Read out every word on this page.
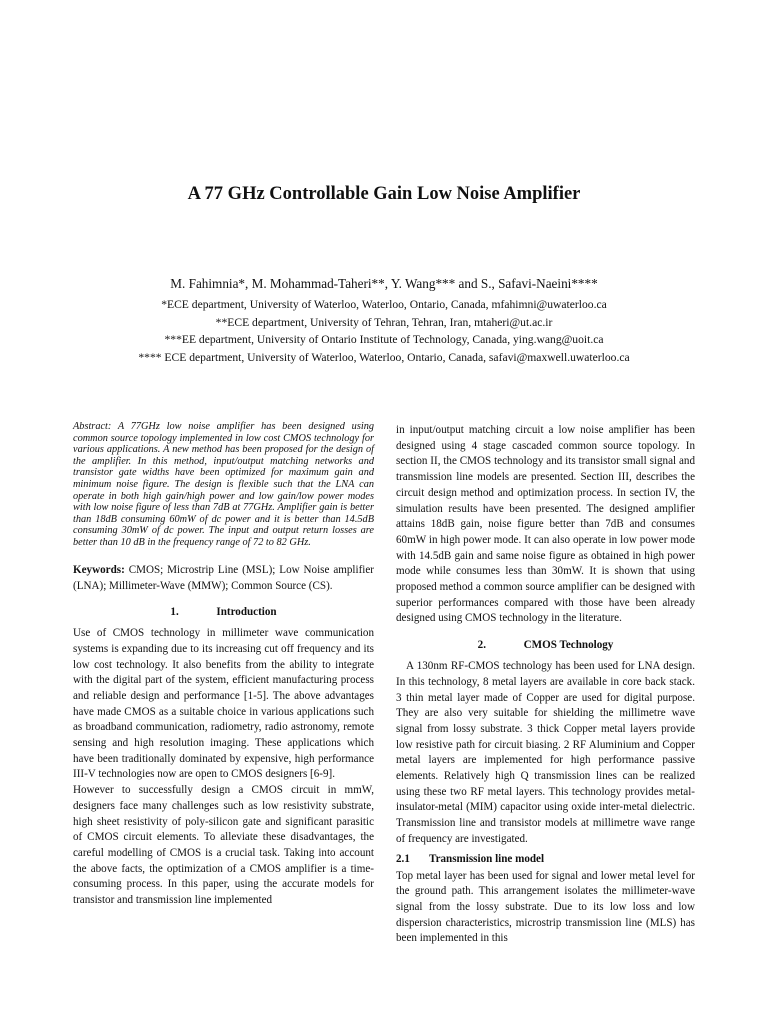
A 77 GHz Controllable Gain Low Noise Amplifier
M. Fahimnia*, M. Mohammad-Taheri**, Y. Wang*** and S., Safavi-Naeini****
*ECE department, University of Waterloo, Waterloo, Ontario, Canada, mfahimni@uwaterloo.ca
**ECE department, University of Tehran, Tehran, Iran, mtaheri@ut.ac.ir
***EE department, University of Ontario Institute of Technology, Canada, ying.wang@uoit.ca
**** ECE department, University of Waterloo, Waterloo, Ontario, Canada, safavi@maxwell.uwaterloo.ca

Abstract: A 77GHz low noise amplifier has been designed using common source topology implemented in low cost CMOS technology for various applications. A new method has been proposed for the design of the amplifier. In this method, input/output matching networks and transistor gate widths have been optimized for maximum gain and minimum noise figure. The design is flexible such that the LNA can operate in both high gain/high power and low gain/low power modes with low noise figure of less than 7dB at 77GHz. Amplifier gain is better than 18dB consuming 60mW of dc power and it is better than 14.5dB consuming 30mW of dc power. The input and output return losses are better than 10 dB in the frequency range of 72 to 82 GHz.

Keywords: CMOS; Microstrip Line (MSL); Low Noise amplifier (LNA); Millimeter-Wave (MMW); Common Source (CS).

1.	Introduction

Use of CMOS technology in millimeter wave communication systems is expanding due to its increasing cut off frequency and its low cost technology. It also benefits from the ability to integrate with the digital part of the system, efficient manufacturing process and reliable design and performance [1-5]. The above advantages have made CMOS as a suitable choice in various applications such as broadband communication, radiometry, radio astronomy, remote sensing and high resolution imaging. These applications which have been traditionally dominated by expensive, high performance III-V technologies now are open to CMOS designers [6-9].

However to successfully design a CMOS circuit in mmW, designers face many challenges such as low resistivity substrate, high sheet resistivity of poly-silicon gate and significant parasitic of CMOS circuit elements. To alleviate these disadvantages, the careful modelling of CMOS is a crucial task. Taking into account the above facts, the optimization of a CMOS amplifier is a time-consuming process. In this paper, using the accurate models for transistor and transmission line implemented

in input/output matching circuit a low noise amplifier has been designed using 4 stage cascaded common source topology. In section II, the CMOS technology and its transistor small signal and transmission line models are presented. Section III, describes the circuit design method and optimization process. In section IV, the simulation results have been presented. The designed amplifier attains 18dB gain, noise figure better than 7dB and consumes 60mW in high power mode. It can also operate in low power mode with 14.5dB gain and same noise figure as obtained in high power mode while consumes less than 30mW. It is shown that using proposed method a common source amplifier can be designed with superior performances compared with those have been already designed using CMOS technology in the literature.

2.	CMOS Technology

A 130nm RF-CMOS technology has been used for LNA design. In this technology, 8 metal layers are available in core back stack. 3 thin metal layer made of Copper are used for digital purpose. They are also very suitable for shielding the millimetre wave signal from lossy substrate. 3 thick Copper metal layers provide low resistive path for circuit biasing. 2 RF Aluminium and Copper metal layers are implemented for high performance passive elements. Relatively high Q transmission lines can be realized using these two RF metal layers. This technology provides metal-insulator-metal (MIM) capacitor using oxide inter-metal dielectric. Transmission line and transistor models at millimetre wave range of frequency are investigated.

2.1 Transmission line model

Top metal layer has been used for signal and lower metal level for the ground path. This arrangement isolates the millimeter-wave signal from the lossy substrate. Due to its low loss and low dispersion characteristics, microstrip transmission line (MLS) has been implemented in this
